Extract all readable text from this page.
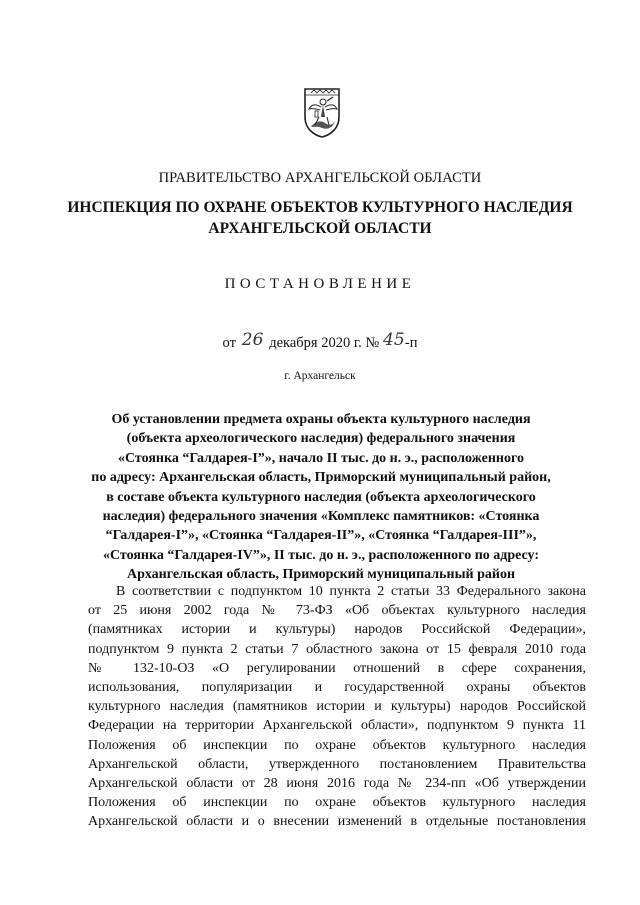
ПРАВИТЕЛЬСТВО АРХАНГЕЛЬСКОЙ ОБЛАСТИ
ИНСПЕКЦИЯ ПО ОХРАНЕ ОБЪЕКТОВ КУЛЬТУРНОГО НАСЛЕДИЯ
АРХАНГЕЛЬСКОЙ ОБЛАСТИ
ПОСТАНОВЛЕНИЕ
от 26 декабря 2020 г. № 45-п
г. Архангельск
Об установлении предмета охраны объекта культурного наследия
(объекта археологического наследия) федерального значения
«Стоянка “Галдарея-I”», начало II тыс. до н. э., расположенного
по адресу: Архангельская область, Приморский муниципальный район,
в составе объекта культурного наследия (объекта археологического
наследия) федерального значения «Комплекс памятников: «Стоянка
“Галдарея-I”», «Стоянка “Галдарея-II”», «Стоянка “Галдарея-III”»,
«Стоянка “Галдарея-IV”», II тыс. до н. э., расположенного по адресу:
Архангельская область, Приморский муниципальный район
В соответствии с подпунктом 10 пункта 2 статьи 33 Федерального закона
от 25 июня 2002 года № 73-ФЗ «Об объектах культурного наследия
(памятниках истории и культуры) народов Российской Федерации»,
подпунктом 9 пункта 2 статьи 7 областного закона от 15 февраля 2010 года
№ 132-10-ОЗ «О регулировании отношений в сфере сохранения,
использования, популяризации и государственной охраны объектов
культурного наследия (памятников истории и культуры) народов Российской
Федерации на территории Архангельской области», подпунктом 9 пункта 11
Положения об инспекции по охране объектов культурного наследия
Архангельской области, утвержденного постановлением Правительства
Архангельской области от 28 июня 2016 года № 234-пп «Об утверждении
Положения об инспекции по охране объектов культурного наследия
Архангельской области и о внесении изменений в отдельные постановления
